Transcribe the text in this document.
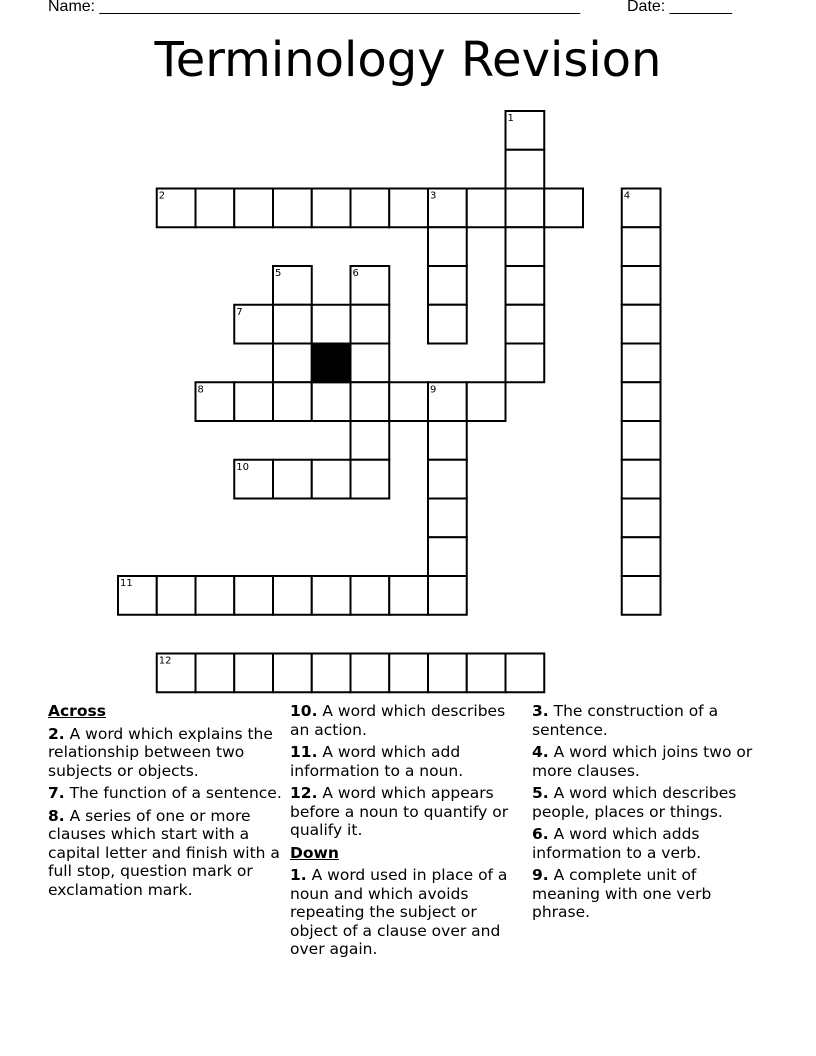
Name: ______________________________________________________	Date: _______
Terminology Revision
1
2	3	4
5	6
7
8	9
10
11
12
Across
2. A word which explains the relationship between two subjects or objects.
7. The function of a sentence.
8. A series of one or more clauses which start with a capital letter and finish with a full stop, question mark or exclamation mark.
10. A word which describes an action.
11. A word which add information to a noun.
12. A word which appears before a noun to quantify or qualify it.
Down
1. A word used in place of a noun and which avoids repeating the subject or object of a clause over and over again.
3. The construction of a sentence.
4. A word which joins two or more clauses.
5. A word which describes people, places or things.
6. A word which adds information to a verb.
9. A complete unit of meaning with one verb phrase.
